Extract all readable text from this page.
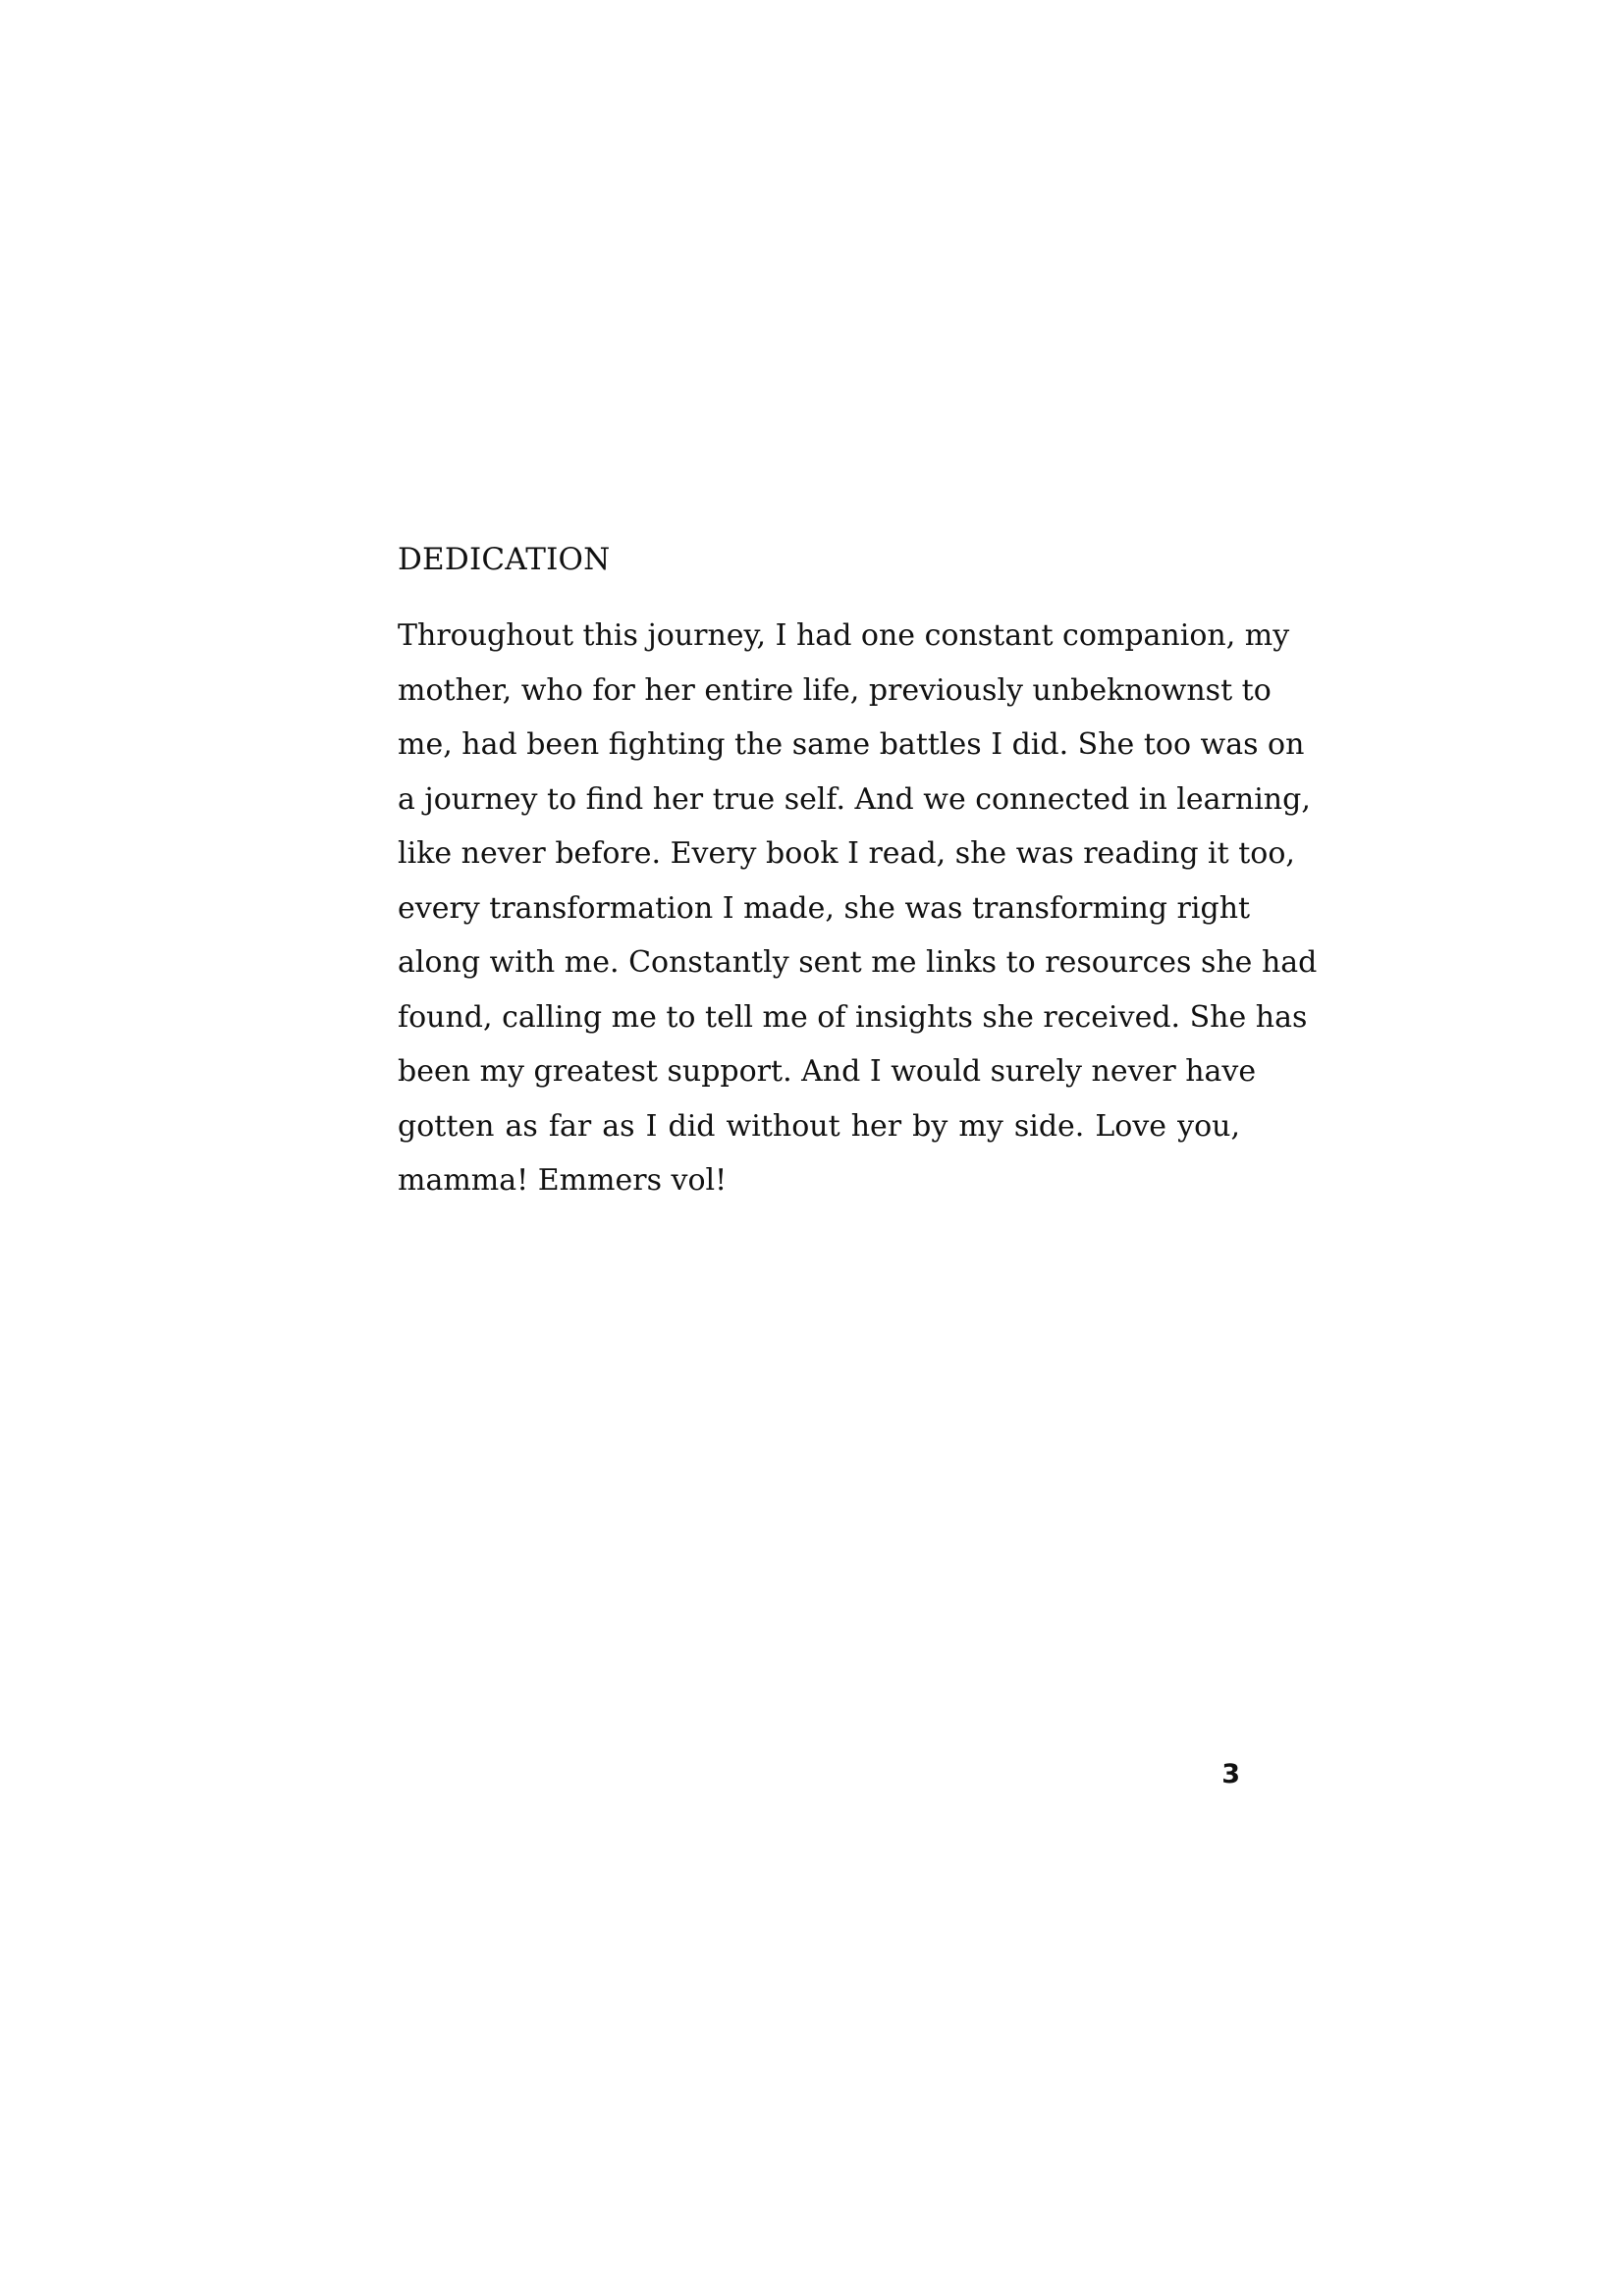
DEDICATION

Throughout this journey, I had one constant companion, my
mother, who for her entire life, previously unbeknownst to
me, had been fighting the same battles I did. She too was on
a journey to find her true self. And we connected in learning,
like never before. Every book I read, she was reading it too,
every transformation I made, she was transforming right
along with me. Constantly sent me links to resources she had
found, calling me to tell me of insights she received. She has
been my greatest support. And I would surely never have
gotten as far as I did without her by my side. Love you,
mamma! Emmers vol!

3
